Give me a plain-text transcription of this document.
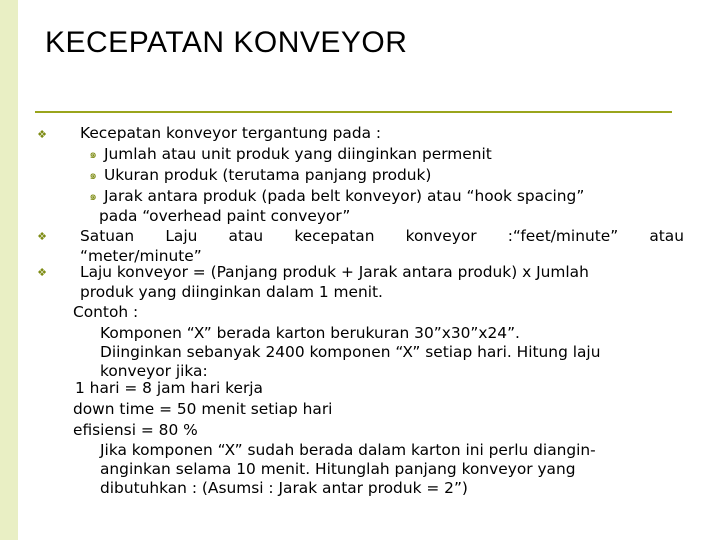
KECEPATAN KONVEYOR
❖ Kecepatan konveyor tergantung pada :
๑ Jumlah atau unit produk yang diinginkan permenit
๑ Ukuran produk (terutama panjang produk)
๑ Jarak antara produk (pada belt konveyor) atau “hook spacing”
pada “overhead paint conveyor”
❖ Satuan Laju atau kecepatan konveyor :“feet/minute” atau
“meter/minute”
❖ Laju konveyor = (Panjang produk + Jarak antara produk) x Jumlah
produk yang diinginkan dalam 1 menit.
Contoh :
Komponen “X” berada karton berukuran 30”x30”x24”.
Diinginkan sebanyak 2400 komponen “X” setiap hari. Hitung laju
konveyor jika:
1 hari = 8 jam hari kerja
down time = 50 menit setiap hari
efisiensi = 80 %
Jika komponen “X” sudah berada dalam karton ini perlu diangin-
anginkan selama 10 menit. Hitunglah panjang konveyor yang
dibutuhkan : (Asumsi : Jarak antar produk = 2”)
